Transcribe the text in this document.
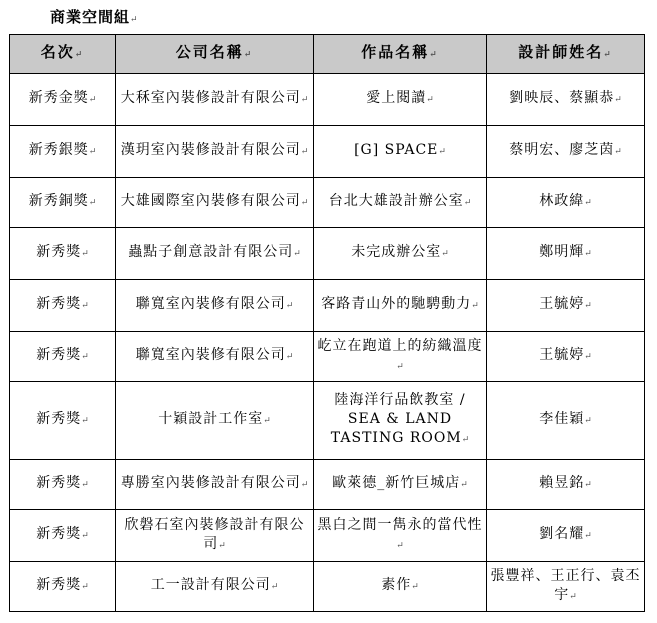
商業空間組↵
名次↵	公司名稱↵	作品名稱↵	設計師姓名↵
新秀金獎↵	大秝室內裝修設計有限公司↵	愛上閱讀↵	劉映辰、蔡顯恭↵
新秀銀獎↵	漢玥室內裝修設計有限公司↵	[G] SPACE↵	蔡明宏、廖芝茵↵
新秀銅獎↵	大雄國際室內裝修有限公司↵	台北大雄設計辦公室↵	林政緯↵
新秀獎↵	蟲點子創意設計有限公司↵	未完成辦公室↵	鄭明輝↵
新秀獎↵	聯寬室內裝修有限公司↵	客路青山外的馳騁動力↵	王毓婷↵
新秀獎↵	聯寬室內裝修有限公司↵	屹立在跑道上的紡織溫度↵	王毓婷↵
新秀獎↵	十穎設計工作室↵	陸海洋行品飲教室 / SEA & LAND TASTING ROOM↵	李佳穎↵
新秀獎↵	專勝室內裝修設計有限公司↵	歐萊德_新竹巨城店↵	賴昱銘↵
新秀獎↵	欣磐石室內裝修設計有限公司↵	黑白之間一雋永的當代性↵	劉名耀↵
新秀獎↵	工一設計有限公司↵	素作↵	張豐祥、王正行、袁丕宇↵
